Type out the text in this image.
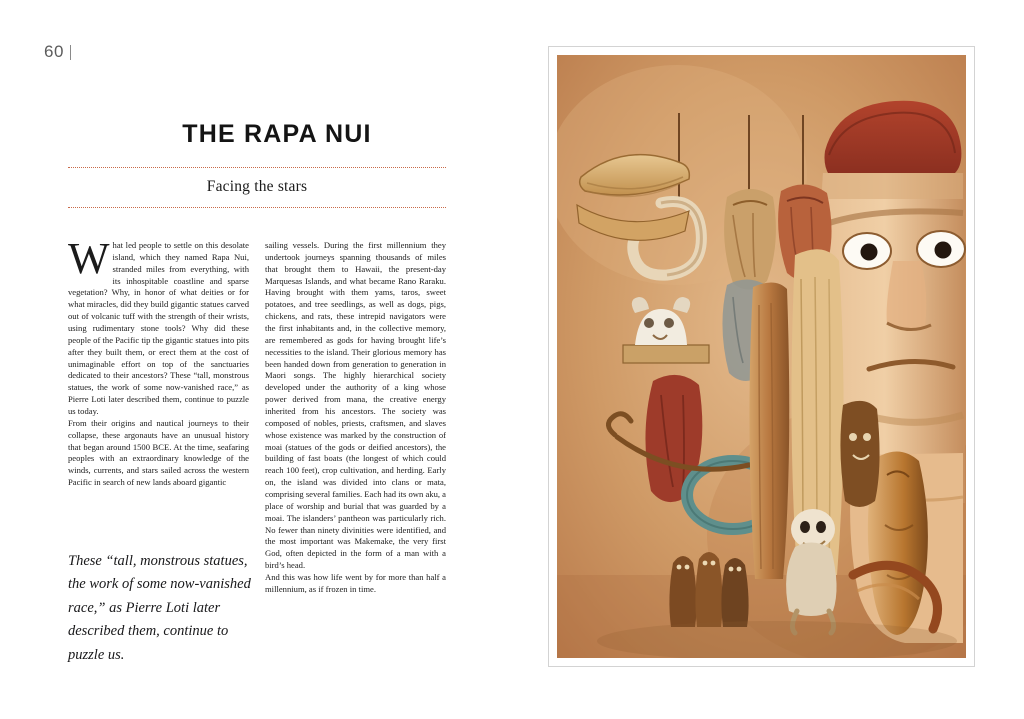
60
THE RAPA NUI
Facing the stars

What led people to settle on this desolate island, which they named Rapa Nui, stranded miles from everything, with its inhospitable coastline and sparse vegetation? Why, in honor of what deities or for what miracles, did they build gigantic statues carved out of volcanic tuff with the strength of their wrists, using rudimentary stone tools? Why did these people of the Pacific tip the gigantic statues into pits after they built them, or erect them at the cost of unimaginable effort on top of the sanctuaries dedicated to their ancestors? These “tall, monstrous statues, the work of some now-vanished race,” as Pierre Loti later described them, continue to puzzle us today.

From their origins and nautical journeys to their collapse, these argonauts have an unusual history that began around 1500 BCE. At the time, seafaring peoples with an extraordinary knowledge of the winds, currents, and stars sailed across the western Pacific in search of new lands aboard gigantic

sailing vessels. During the first millennium they undertook journeys spanning thousands of miles that brought them to Hawaii, the present-day Marquesas Islands, and what became Rano Raraku. Having brought with them yams, taros, sweet potatoes, and tree seedlings, as well as dogs, pigs, chickens, and rats, these intrepid navigators were the first inhabitants and, in the collective memory, are remembered as gods for having brought life’s necessities to the island. Their glorious memory has been handed down from generation to generation in Maori songs. The highly hierarchical society developed under the authority of a king whose power derived from mana, the creative energy inherited from his ancestors. The society was composed of nobles, priests, craftsmen, and slaves whose existence was marked by the construction of moai (statues of the gods or deified ancestors), the building of fast boats (the longest of which could reach 100 feet), crop cultivation, and herding. Early on, the island was divided into clans or mata, comprising several families. Each had its own aku, a place of worship and burial that was guarded by a moai. The islanders’ pantheon was particularly rich. No fewer than ninety divinities were identified, and the most important was Makemake, the very first God, often depicted in the form of a man with a bird’s head.

And this was how life went by for more than half a millennium, as if frozen in time.

These “tall, monstrous statues, the work of some now-vanished race,” as Pierre Loti later described them, continue to puzzle us.
